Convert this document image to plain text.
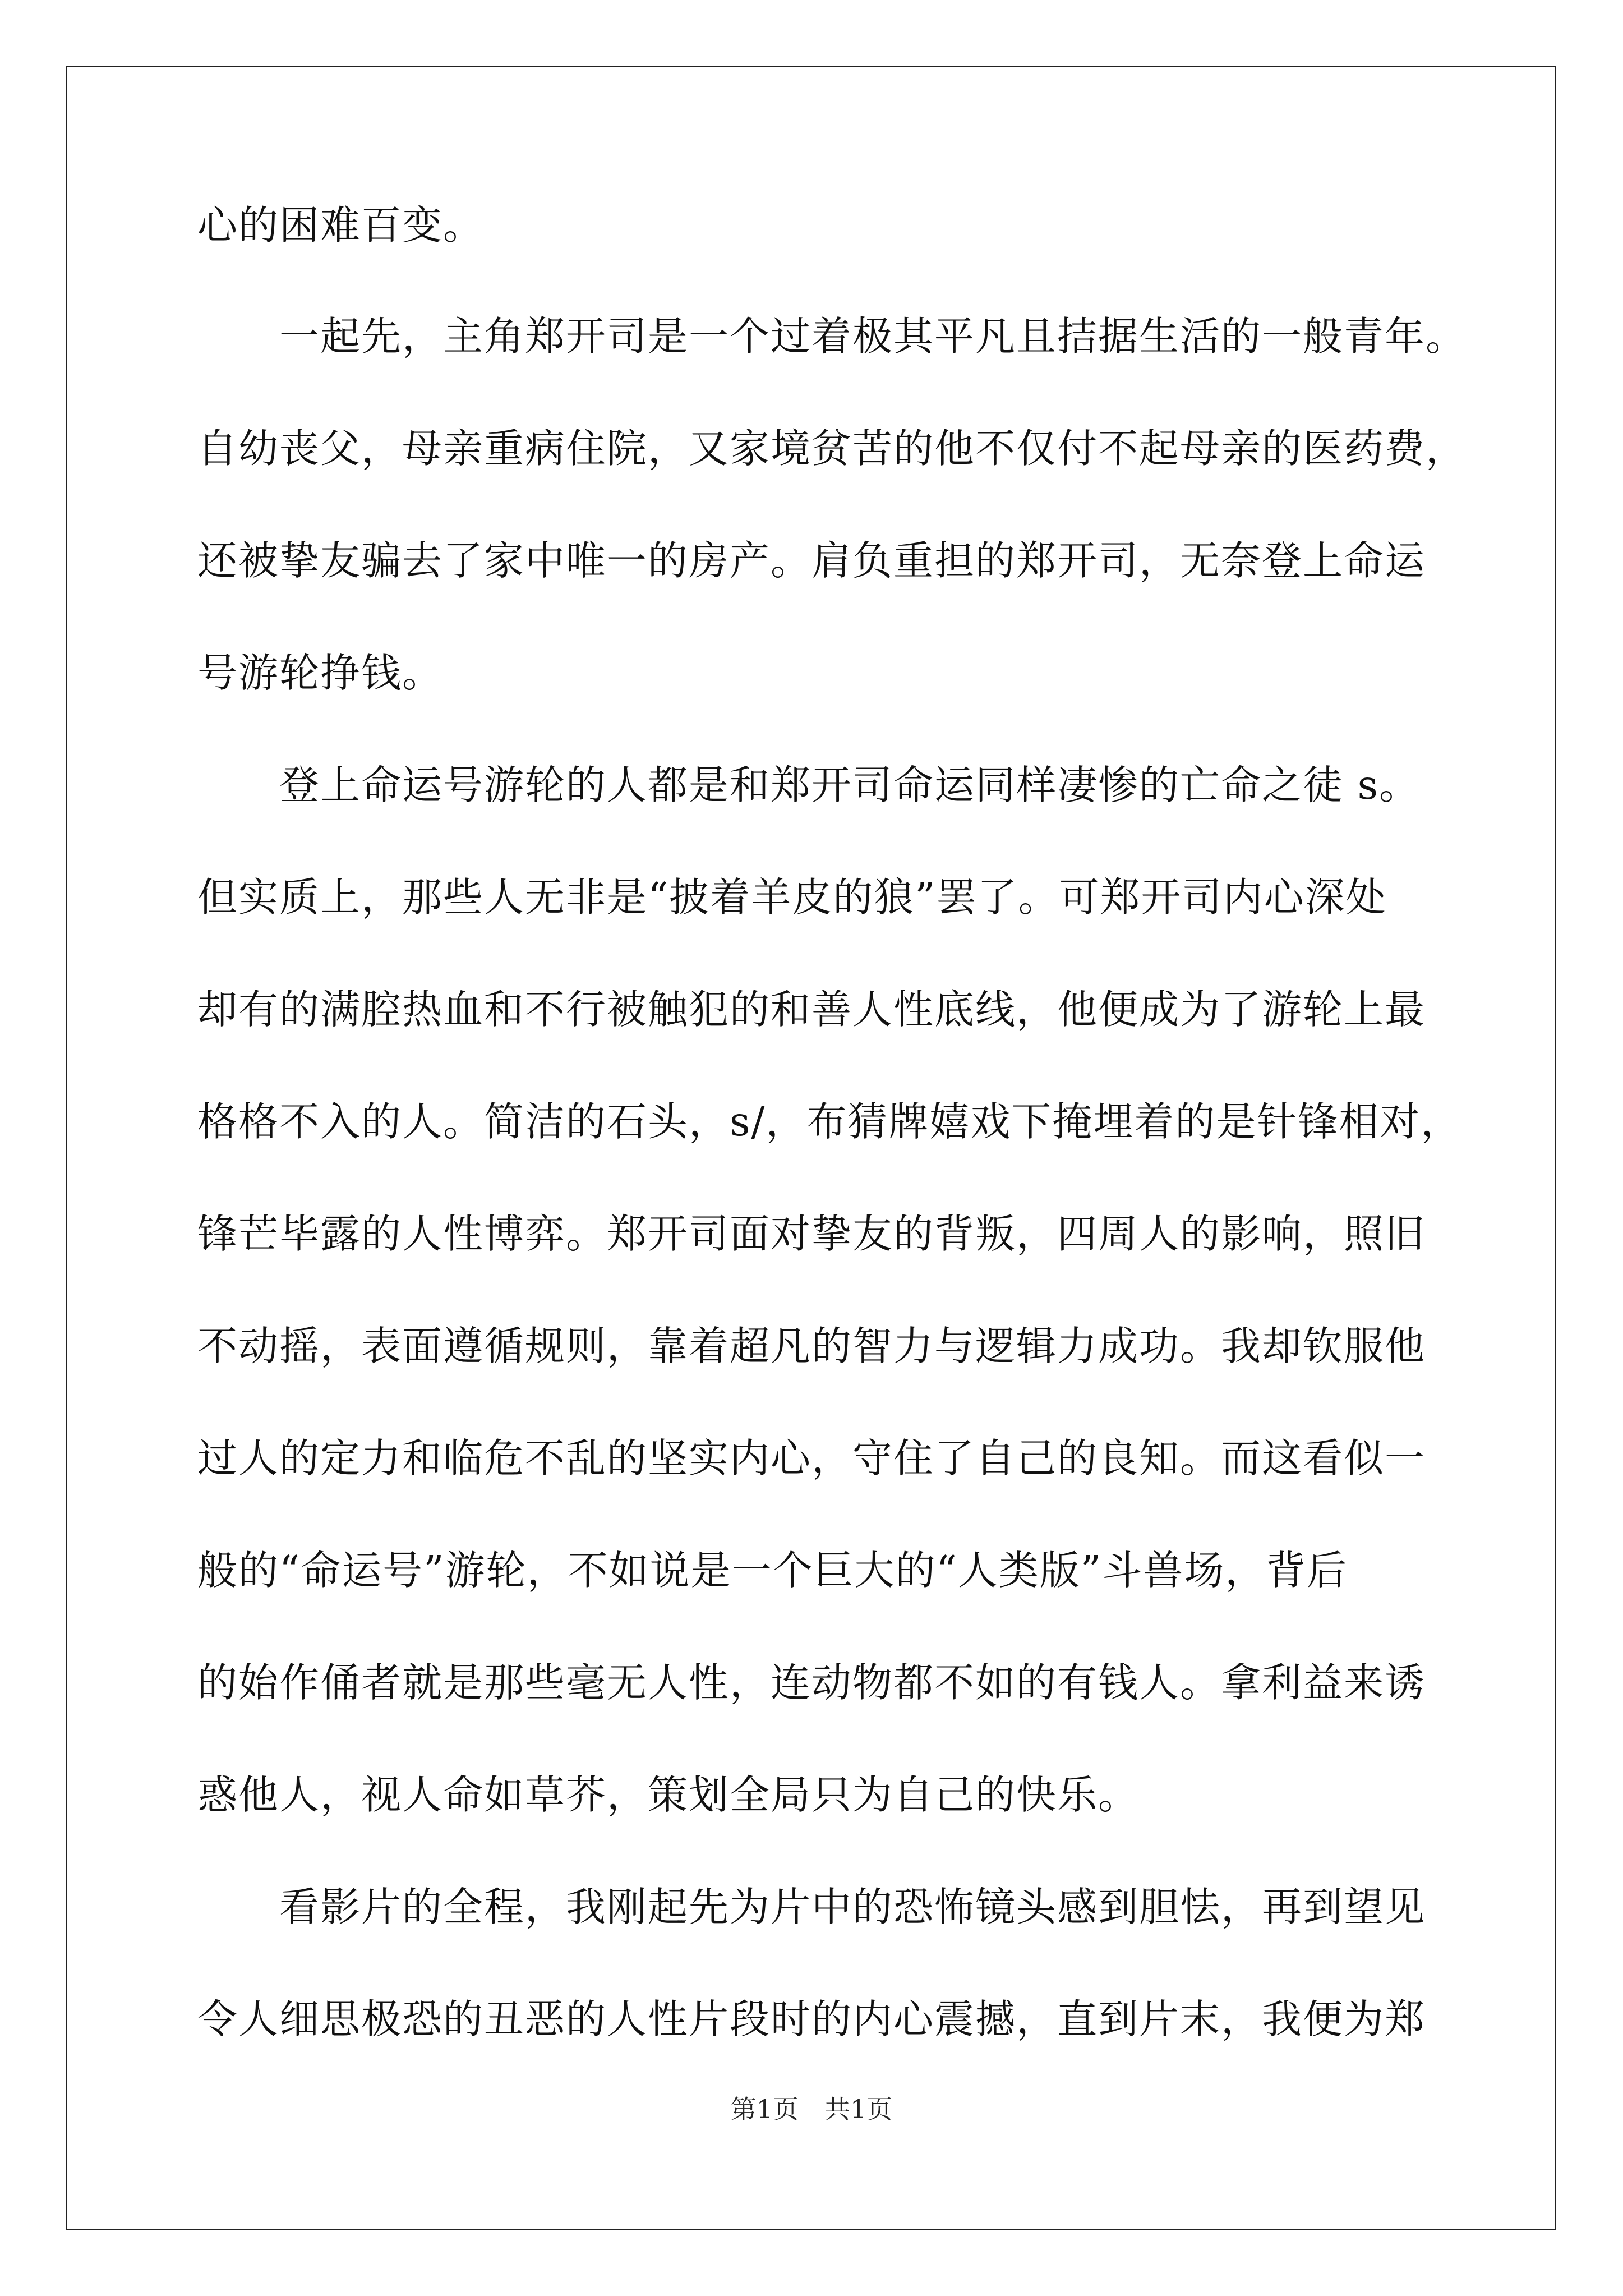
心的困难百变。
　　一起先，主角郑开司是一个过着极其平凡且拮据生活的一般青年。
自幼丧父，母亲重病住院，又家境贫苦的他不仅付不起母亲的医药费，
还被挚友骗去了家中唯一的房产。肩负重担的郑开司，无奈登上命运
号游轮挣钱。
　　登上命运号游轮的人都是和郑开司命运同样凄惨的亡命之徒 s。
但实质上，那些人无非是“披着羊皮的狼”罢了。可郑开司内心深处
却有的满腔热血和不行被触犯的和善人性底线，他便成为了游轮上最
格格不入的人。简洁的石头，s/，布猜牌嬉戏下掩埋着的是针锋相对，
锋芒毕露的人性博弈。郑开司面对挚友的背叛，四周人的影响，照旧
不动摇，表面遵循规则，靠着超凡的智力与逻辑力成功。我却钦服他
过人的定力和临危不乱的坚实内心，守住了自己的良知。而这看似一
般的“命运号”游轮，不如说是一个巨大的“人类版”斗兽场，背后
的始作俑者就是那些毫无人性，连动物都不如的有钱人。拿利益来诱
惑他人，视人命如草芥，策划全局只为自己的快乐。
　　看影片的全程，我刚起先为片中的恐怖镜头感到胆怯，再到望见
令人细思极恐的丑恶的人性片段时的内心震撼，直到片末，我便为郑
第1页　共1页
